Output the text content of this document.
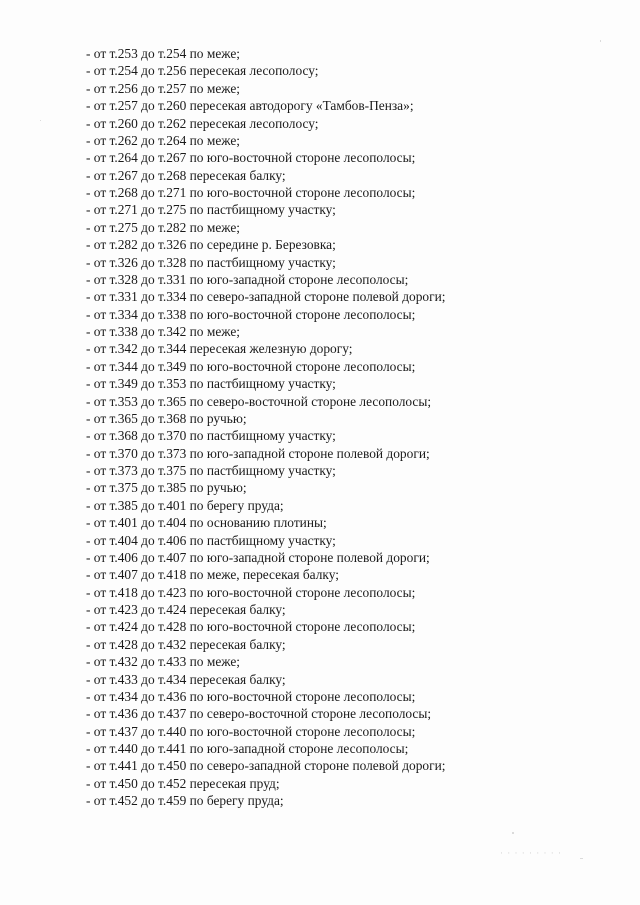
- от т.253 до т.254 по меже;
- от т.254 до т.256 пересекая лесополосу;
- от т.256 до т.257 по меже;
- от т.257 до т.260 пересекая автодорогу «Тамбов-Пенза»;
- от т.260 до т.262 пересекая лесополосу;
- от т.262 до т.264 по меже;
- от т.264 до т.267 по юго-восточной стороне лесополосы;
- от т.267 до т.268 пересекая балку;
- от т.268 до т.271 по юго-восточной стороне лесополосы;
- от т.271 до т.275 по пастбищному участку;
- от т.275 до т.282 по меже;
- от т.282 до т.326 по середине р. Березовка;
- от т.326 до т.328 по пастбищному участку;
- от т.328 до т.331 по юго-западной стороне лесополосы;
- от т.331 до т.334 по северо-западной стороне полевой дороги;
- от т.334 до т.338 по юго-восточной стороне лесополосы;
- от т.338 до т.342 по меже;
- от т.342 до т.344 пересекая железную дорогу;
- от т.344 до т.349 по юго-восточной стороне лесополосы;
- от т.349 до т.353 по пастбищному участку;
- от т.353 до т.365 по северо-восточной стороне лесополосы;
- от т.365 до т.368 по ручью;
- от т.368 до т.370 по пастбищному участку;
- от т.370 до т.373 по юго-западной стороне полевой дороги;
- от т.373 до т.375 по пастбищному участку;
- от т.375 до т.385 по ручью;
- от т.385 до т.401 по берегу пруда;
- от т.401 до т.404 по основанию плотины;
- от т.404 до т.406 по пастбищному участку;
- от т.406 до т.407 по юго-западной стороне полевой дороги;
- от т.407 до т.418 по меже, пересекая балку;
- от т.418 до т.423 по юго-восточной стороне лесополосы;
- от т.423 до т.424 пересекая балку;
- от т.424 до т.428 по юго-восточной стороне лесополосы;
- от т.428 до т.432 пересекая балку;
- от т.432 до т.433 по меже;
- от т.433 до т.434 пересекая балку;
- от т.434 до т.436 по юго-восточной стороне лесополосы;
- от т.436 до т.437 по северо-восточной стороне лесополосы;
- от т.437 до т.440 по юго-восточной стороне лесополосы;
- от т.440 до т.441 по юго-западной стороне лесополосы;
- от т.441 до т.450 по северо-западной стороне полевой дороги;
- от т.450 до т.452 пересекая пруд;
- от т.452 до т.459 по берегу пруда;
· · · · · · · · ·
